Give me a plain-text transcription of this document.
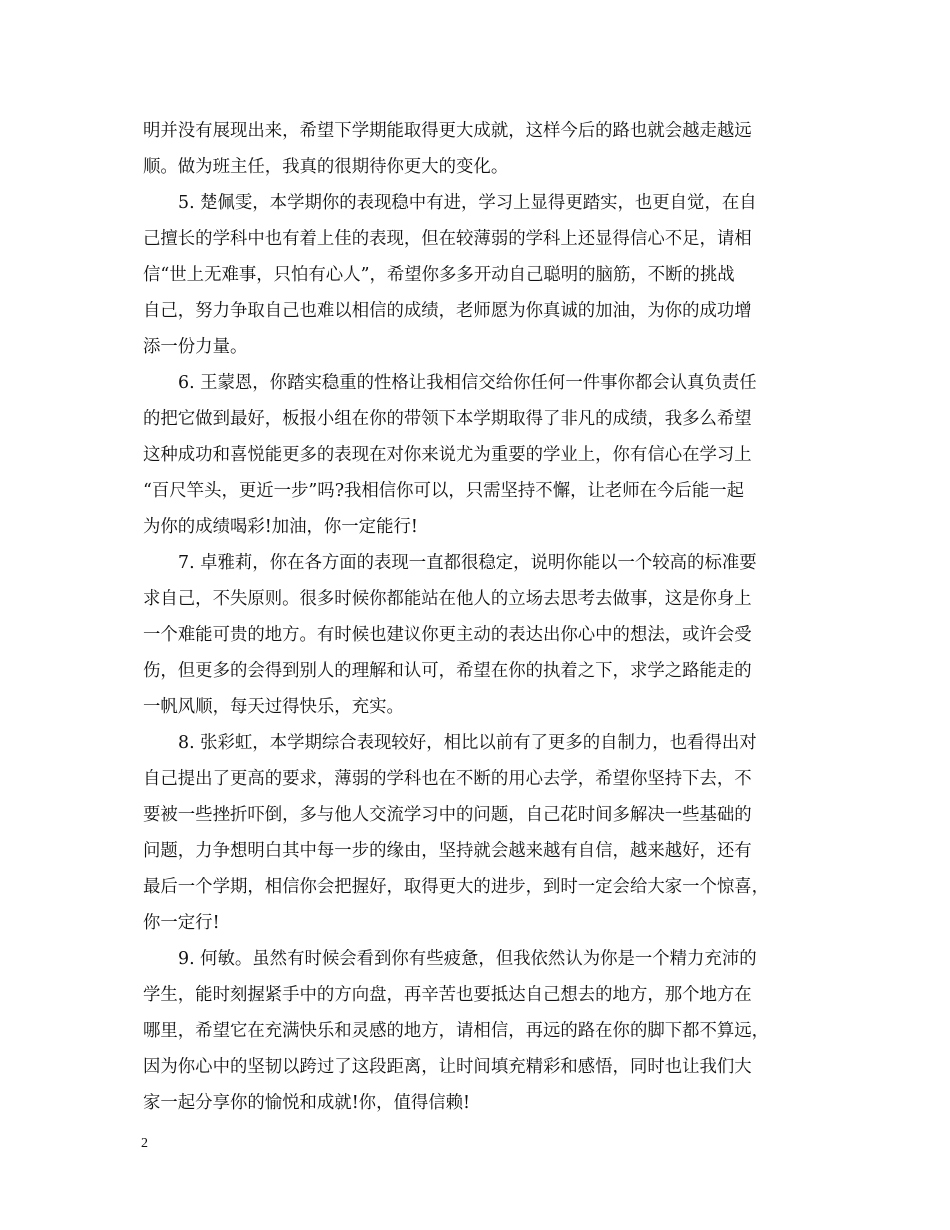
明并没有展现出来，希望下学期能取得更大成就，这样今后的路也就会越走越远
顺。做为班主任，我真的很期待你更大的变化。
5. 楚佩雯，本学期你的表现稳中有进，学习上显得更踏实，也更自觉，在自
己擅长的学科中也有着上佳的表现，但在较薄弱的学科上还显得信心不足，请相
信“世上无难事，只怕有心人”，希望你多多开动自己聪明的脑筋，不断的挑战
自己，努力争取自己也难以相信的成绩，老师愿为你真诚的加油，为你的成功增
添一份力量。
6. 王蒙恩，你踏实稳重的性格让我相信交给你任何一件事你都会认真负责任
的把它做到最好，板报小组在你的带领下本学期取得了非凡的成绩，我多么希望
这种成功和喜悦能更多的表现在对你来说尤为重要的学业上，你有信心在学习上
“百尺竿头，更近一步”吗?我相信你可以，只需坚持不懈，让老师在今后能一起
为你的成绩喝彩!加油，你一定能行!
7. 卓雅莉，你在各方面的表现一直都很稳定，说明你能以一个较高的标准要
求自己，不失原则。很多时候你都能站在他人的立场去思考去做事，这是你身上
一个难能可贵的地方。有时候也建议你更主动的表达出你心中的想法，或许会受
伤，但更多的会得到别人的理解和认可，希望在你的执着之下，求学之路能走的
一帆风顺，每天过得快乐，充实。
8. 张彩虹，本学期综合表现较好，相比以前有了更多的自制力，也看得出对
自己提出了更高的要求，薄弱的学科也在不断的用心去学，希望你坚持下去，不
要被一些挫折吓倒，多与他人交流学习中的问题，自己花时间多解决一些基础的
问题，力争想明白其中每一步的缘由，坚持就会越来越有自信，越来越好，还有
最后一个学期，相信你会把握好，取得更大的进步，到时一定会给大家一个惊喜，
你一定行!
9. 何敏。虽然有时候会看到你有些疲惫，但我依然认为你是一个精力充沛的
学生，能时刻握紧手中的方向盘，再辛苦也要抵达自己想去的地方，那个地方在
哪里，希望它在充满快乐和灵感的地方，请相信，再远的路在你的脚下都不算远，
因为你心中的坚韧以跨过了这段距离，让时间填充精彩和感悟，同时也让我们大
家一起分享你的愉悦和成就!你，值得信赖!
2
